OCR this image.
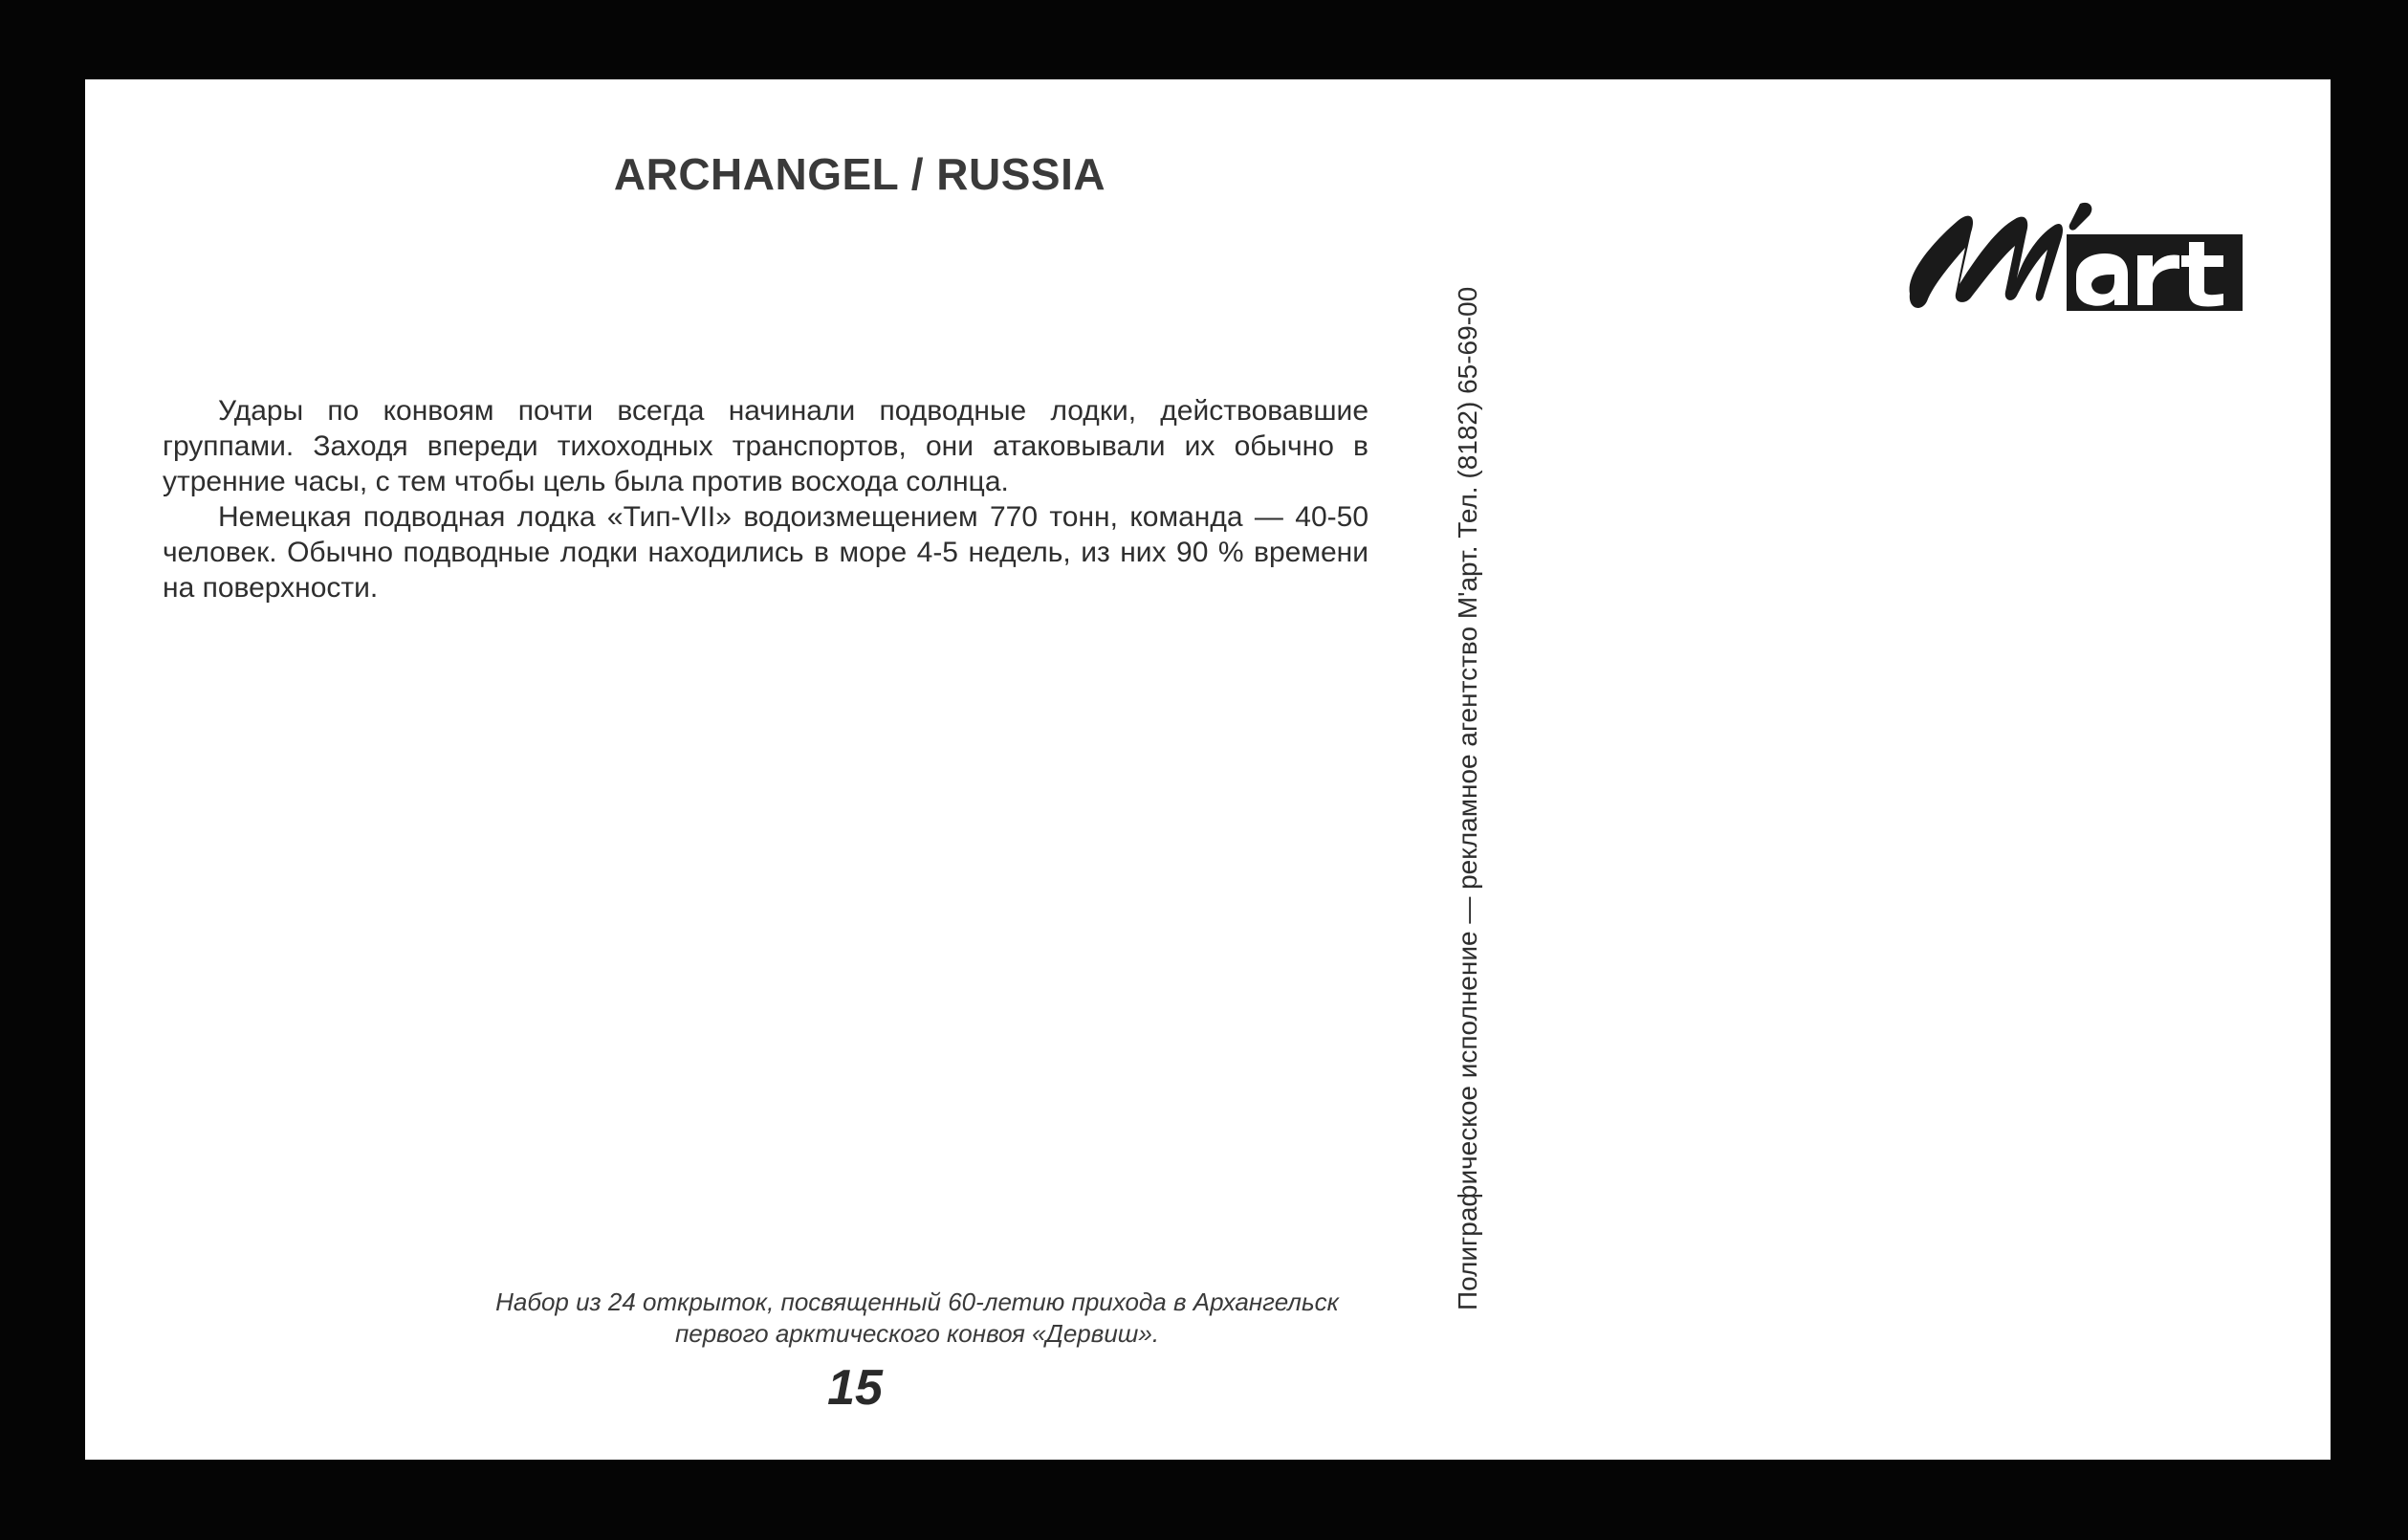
ARCHANGEL / RUSSIA

Удары по конвоям почти всегда начинали подводные лодки, действовавшие группами. Заходя впереди тихоходных транспортов, они атаковывали их обычно в утренние часы, с тем чтобы цель была против восхода солнца.

Немецкая подводная лодка «Тип-VII» водоизмещением 770 тонн, команда — 40-50 человек. Обычно подводные лодки находились в море 4-5 недель, из них 90 % времени на поверхности.

Набор из 24 открыток, посвященный 60-летию прихода в Архангельск
первого арктического конвоя «Дервиш».
15
Полиграфическое исполнение — рекламное агентство М'арт. Тел. (8182) 65-69-00
